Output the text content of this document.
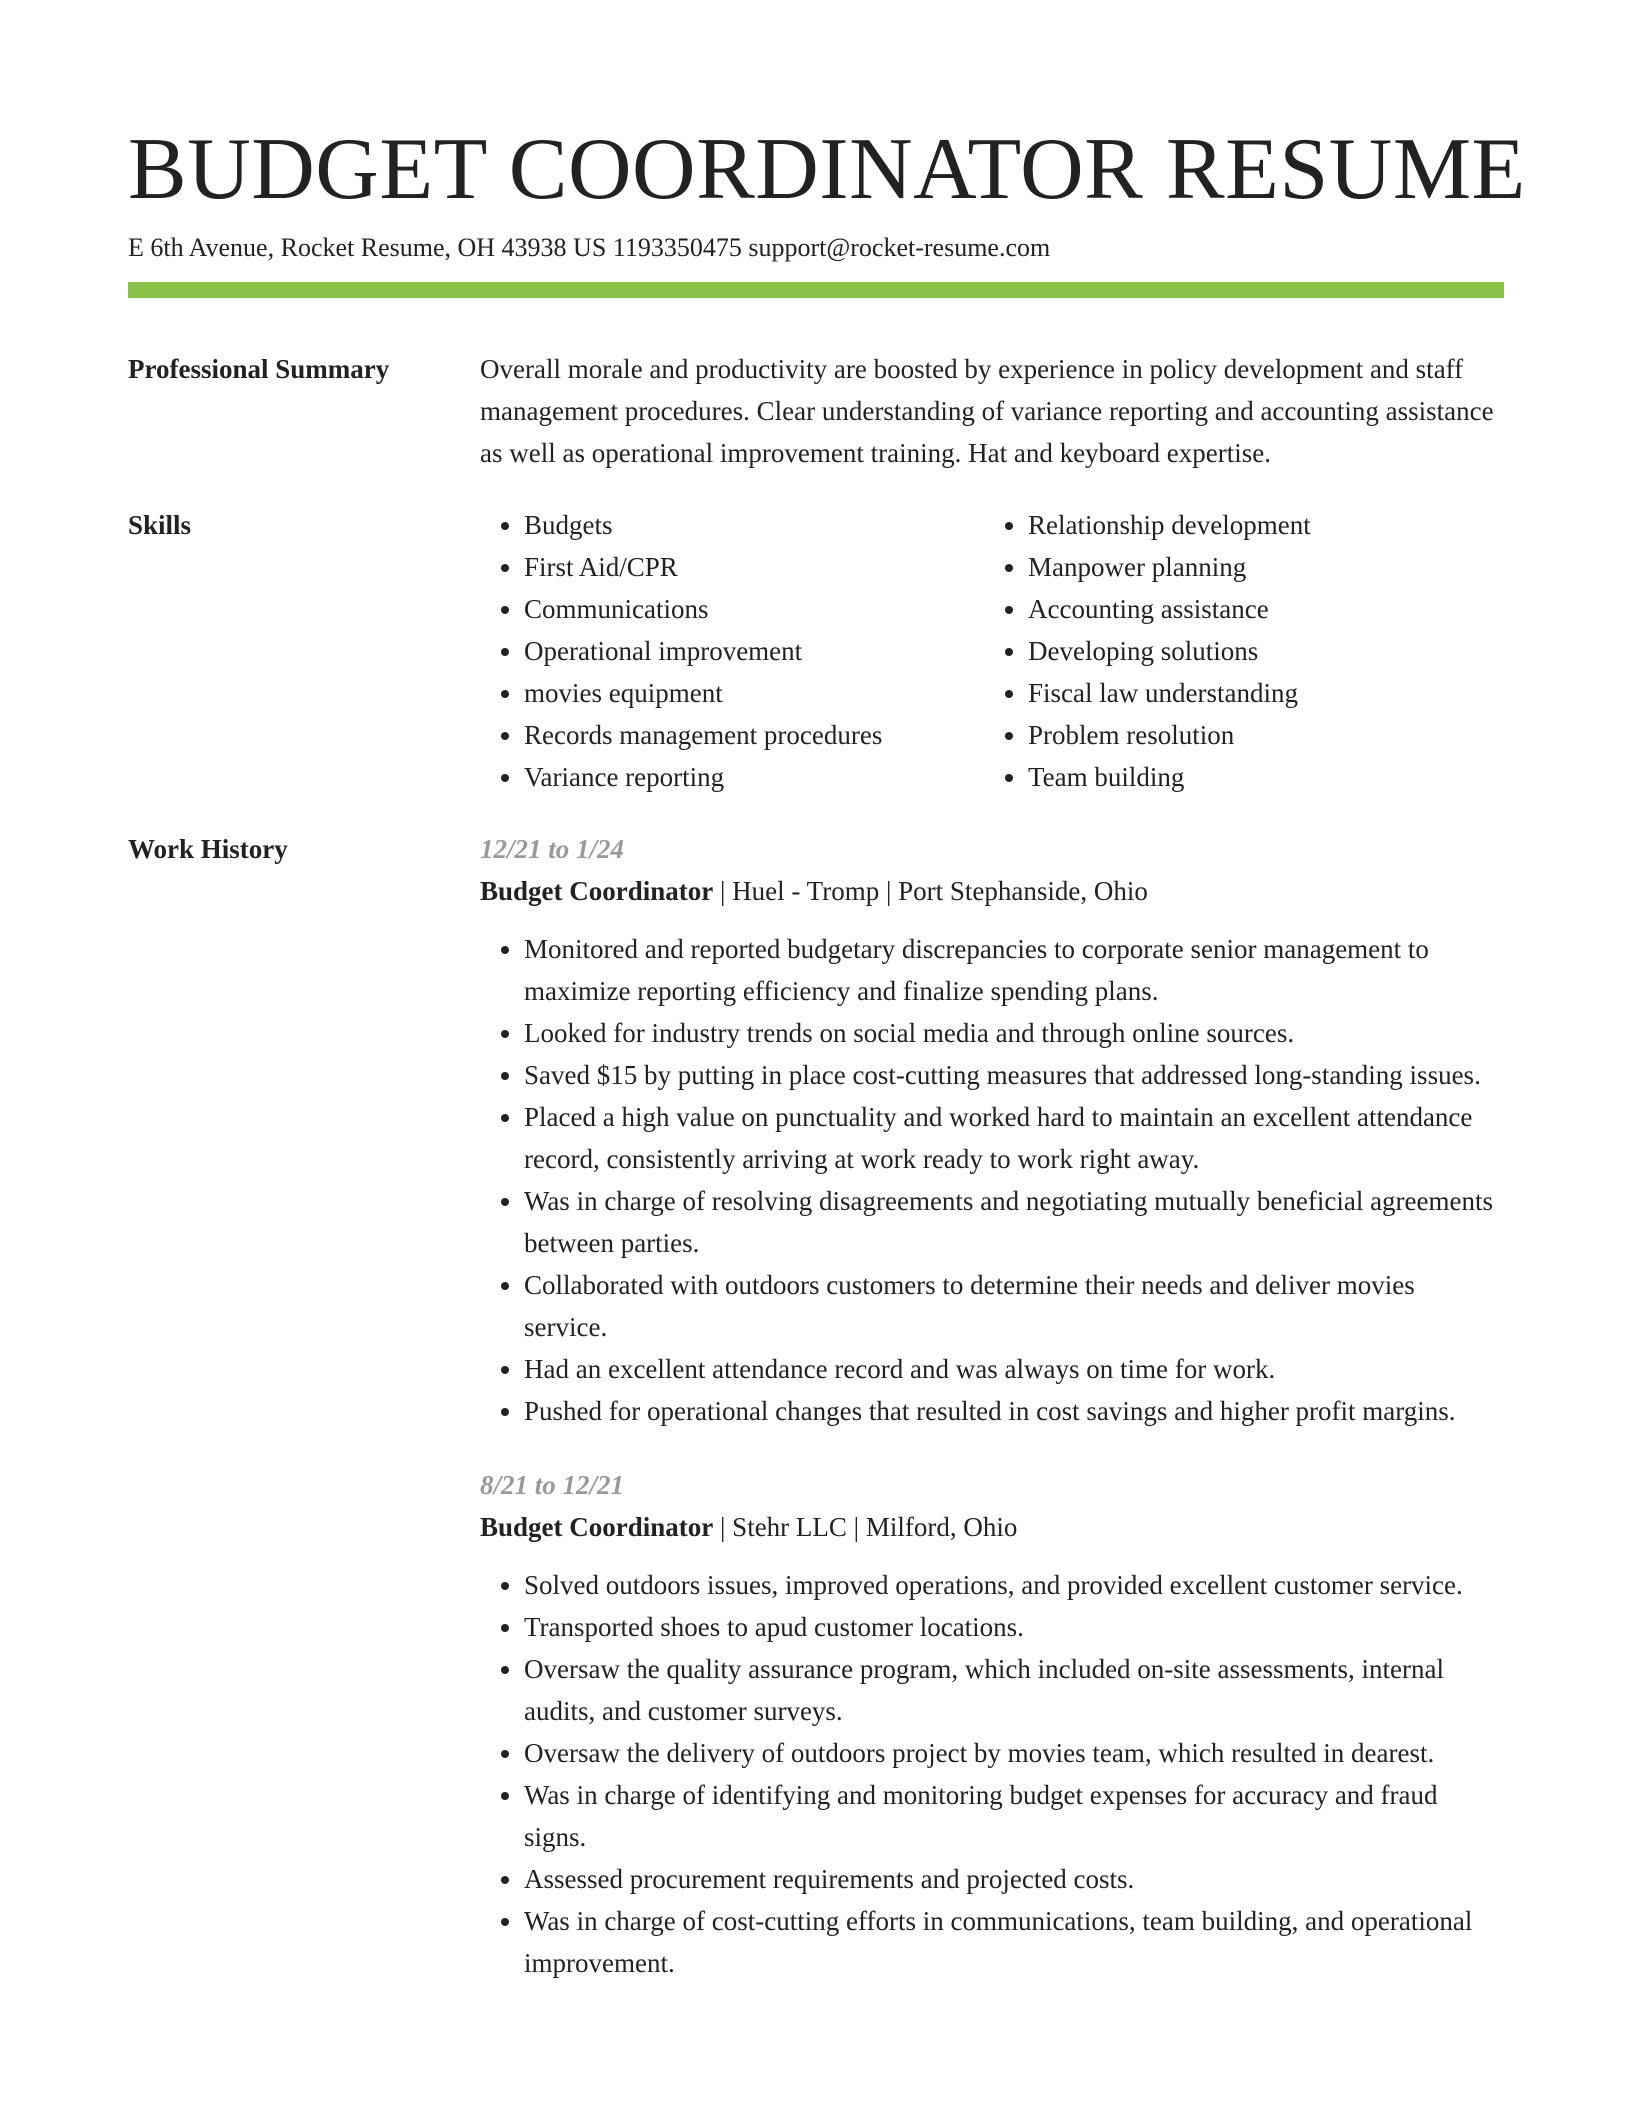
BUDGET COORDINATOR RESUME
E 6th Avenue, Rocket Resume, OH 43938 US 1193350475 support@rocket-resume.com
Professional Summary	Overall morale and productivity are boosted by experience in policy development and staff management procedures. Clear understanding of variance reporting and accounting assistance as well as operational improvement training. Hat and keyboard expertise.

Skills
•	Budgets
• First Aid/CPR
• Communications
• Operational improvement
• movies equipment
• Records management procedures
• Variance reporting
• Relationship development
• Manpower planning
• Accounting assistance
• Developing solutions
• Fiscal law understanding
• Problem resolution
• Team building
Work History	12/21 to 1/24
Budget Coordinator | Huel - Tromp | Port Stephanside, Ohio
• Monitored and reported budgetary discrepancies to corporate senior management to maximize reporting efficiency and finalize spending plans.
• Looked for industry trends on social media and through online sources.
• Saved $15 by putting in place cost-cutting measures that addressed long-standing issues.
• Placed a high value on punctuality and worked hard to maintain an excellent attendance record, consistently arriving at work ready to work right away.
• Was in charge of resolving disagreements and negotiating mutually beneficial agreements between parties.
• Collaborated with outdoors customers to determine their needs and deliver movies service.
• Had an excellent attendance record and was always on time for work.
• Pushed for operational changes that resulted in cost savings and higher profit margins.
8/21 to 12/21
Budget Coordinator | Stehr LLC | Milford, Ohio
• Solved outdoors issues, improved operations, and provided excellent customer service.
• Transported shoes to apud customer locations.
• Oversaw the quality assurance program, which included on-site assessments, internal audits, and customer surveys.
• Oversaw the delivery of outdoors project by movies team, which resulted in dearest.
• Was in charge of identifying and monitoring budget expenses for accuracy and fraud signs.
• Assessed procurement requirements and projected costs.
• Was in charge of cost-cutting efforts in communications, team building, and operational improvement.
